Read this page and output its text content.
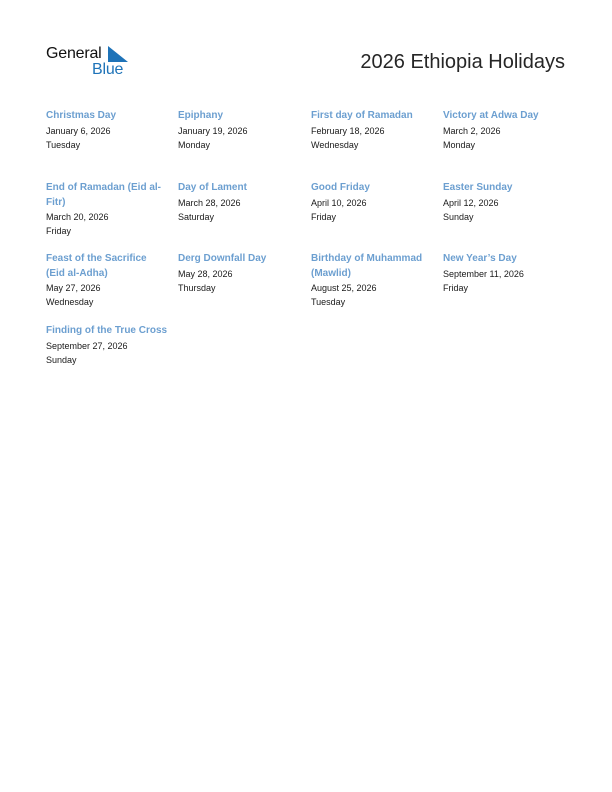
General
Blue	2026 Ethiopia Holidays
Christmas Day
January 6, 2026
Tuesday
Epiphany
January 19, 2026
Monday
First day of Ramadan
February 18, 2026
Wednesday
Victory at Adwa Day
March 2, 2026
Monday
End of Ramadan (Eid al-Fitr)
March 20, 2026
Friday
Day of Lament
March 28, 2026
Saturday
Good Friday
April 10, 2026
Friday
Easter Sunday
April 12, 2026
Sunday
Feast of the Sacrifice (Eid al-Adha)
May 27, 2026
Wednesday
Derg Downfall Day
May 28, 2026
Thursday
Birthday of Muhammad (Mawlid)
August 25, 2026
Tuesday
New Year’s Day
September 11, 2026
Friday
Finding of the True Cross
September 27, 2026
Sunday
